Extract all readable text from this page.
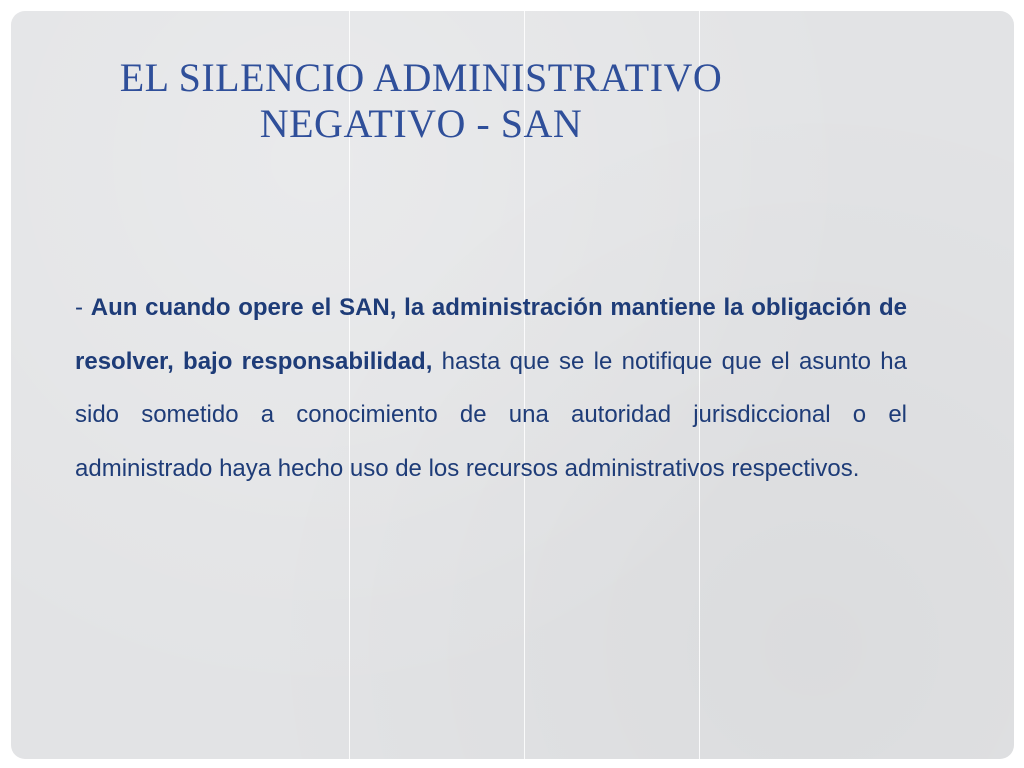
EL SILENCIO ADMINISTRATIVO
NEGATIVO - SAN

- Aun cuando opere el SAN, la administración mantiene la obligación de resolver, bajo responsabilidad, hasta que se le notifique que el asunto ha sido sometido a conocimiento de una autoridad jurisdiccional o el administrado haya hecho uso de los recursos administrativos respectivos.
